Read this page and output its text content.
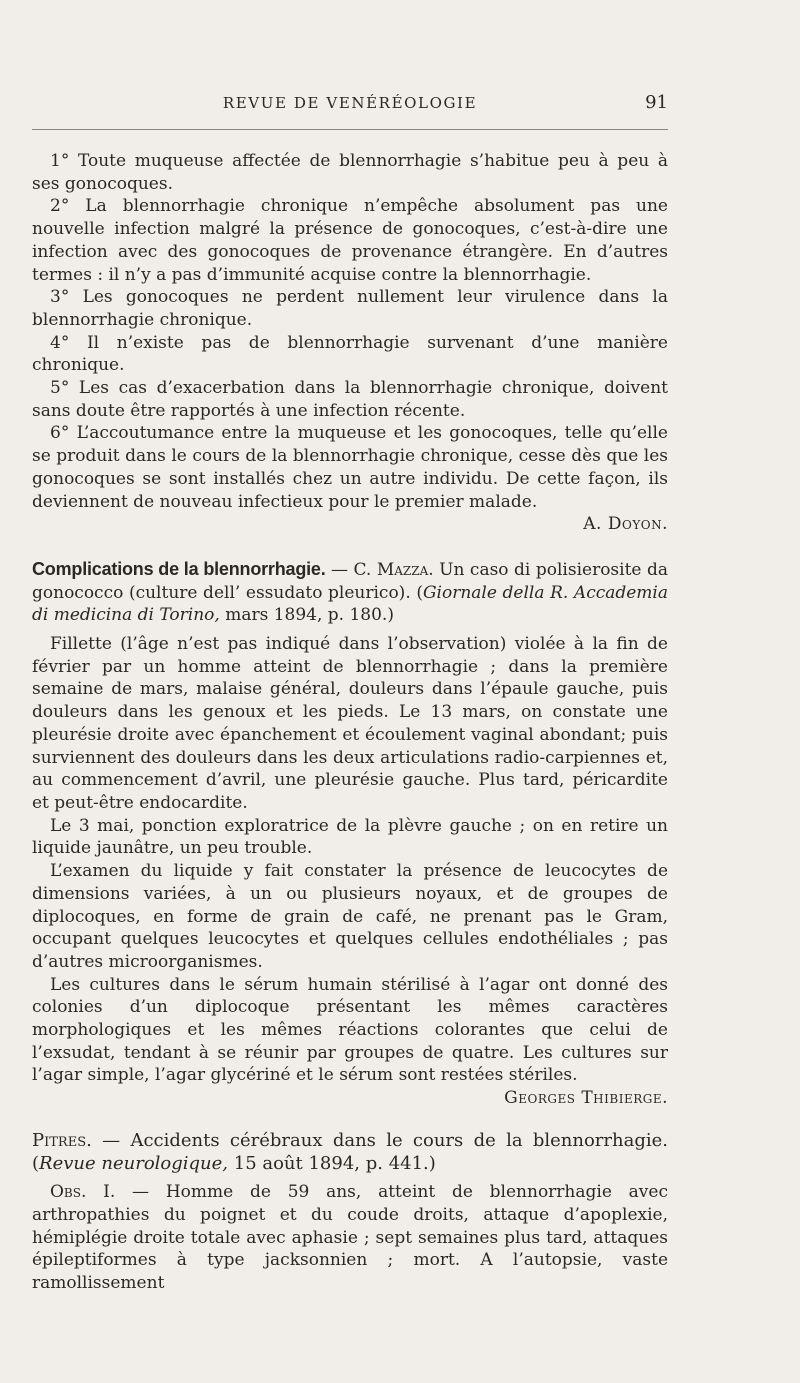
REVUE DE VENÉRÉOLOGIE	91

1° Toute muqueuse affectée de blennorrhagie s’habitue peu à peu à ses gonocoques.

2° La blennorrhagie chronique n’empêche absolument pas une nouvelle infection malgré la présence de gonocoques, c’est-à-dire une infection avec des gonocoques de provenance étrangère. En d’autres termes : il n’y a pas d’immunité acquise contre la blennorrhagie.

3° Les gonocoques ne perdent nullement leur virulence dans la blennorrhagie chronique.

4° Il n’existe pas de blennorrhagie survenant d’une manière chronique.

5° Les cas d’exacerbation dans la blennorrhagie chronique, doivent sans doute être rapportés à une infection récente.

6° L’accoutumance entre la muqueuse et les gonocoques, telle qu’elle se produit dans le cours de la blennorrhagie chronique, cesse dès que les gonocoques se sont installés chez un autre individu. De cette façon, ils deviennent de nouveau infectieux pour le premier malade.

A. Doyon.

Complications de la blennorrhagie. — C. Mazza. Un caso di polisierosite da gonococco (culture dell’ essudato pleurico). (Giornale della R. Accademia di medicina di Torino, mars 1894, p. 180.)

Fillette (l’âge n’est pas indiqué dans l’observation) violée à la fin de février par un homme atteint de blennorrhagie ; dans la première semaine de mars, malaise général, douleurs dans l’épaule gauche, puis douleurs dans les genoux et les pieds. Le 13 mars, on constate une pleurésie droite avec épanchement et écoulement vaginal abondant; puis surviennent des douleurs dans les deux articulations radio-carpiennes et, au commencement d’avril, une pleurésie gauche. Plus tard, péricardite et peut-être endocardite.

Le 3 mai, ponction exploratrice de la plèvre gauche ; on en retire un liquide jaunâtre, un peu trouble.

L’examen du liquide y fait constater la présence de leucocytes de dimensions variées, à un ou plusieurs noyaux, et de groupes de diplocoques, en forme de grain de café, ne prenant pas le Gram, occupant quelques leucocytes et quelques cellules endothéliales ; pas d’autres microorganismes.

Les cultures dans le sérum humain stérilisé à l’agar ont donné des colonies d’un diplocoque présentant les mêmes caractères morphologiques et les mêmes réactions colorantes que celui de l’exsudat, tendant à se réunir par groupes de quatre. Les cultures sur l’agar simple, l’agar glycériné et le sérum sont restées stériles.
Georges Thibierge.

Pitres. — Accidents cérébraux dans le cours de la blennorrhagie. (Revue neurologique, 15 août 1894, p. 441.)

Obs. I. — Homme de 59 ans, atteint de blennorrhagie avec arthropathies du poignet et du coude droits, attaque d’apoplexie, hémiplégie droite totale avec aphasie ; sept semaines plus tard, attaques épileptiformes à type jacksonnien ; mort. A l’autopsie, vaste ramollissement
